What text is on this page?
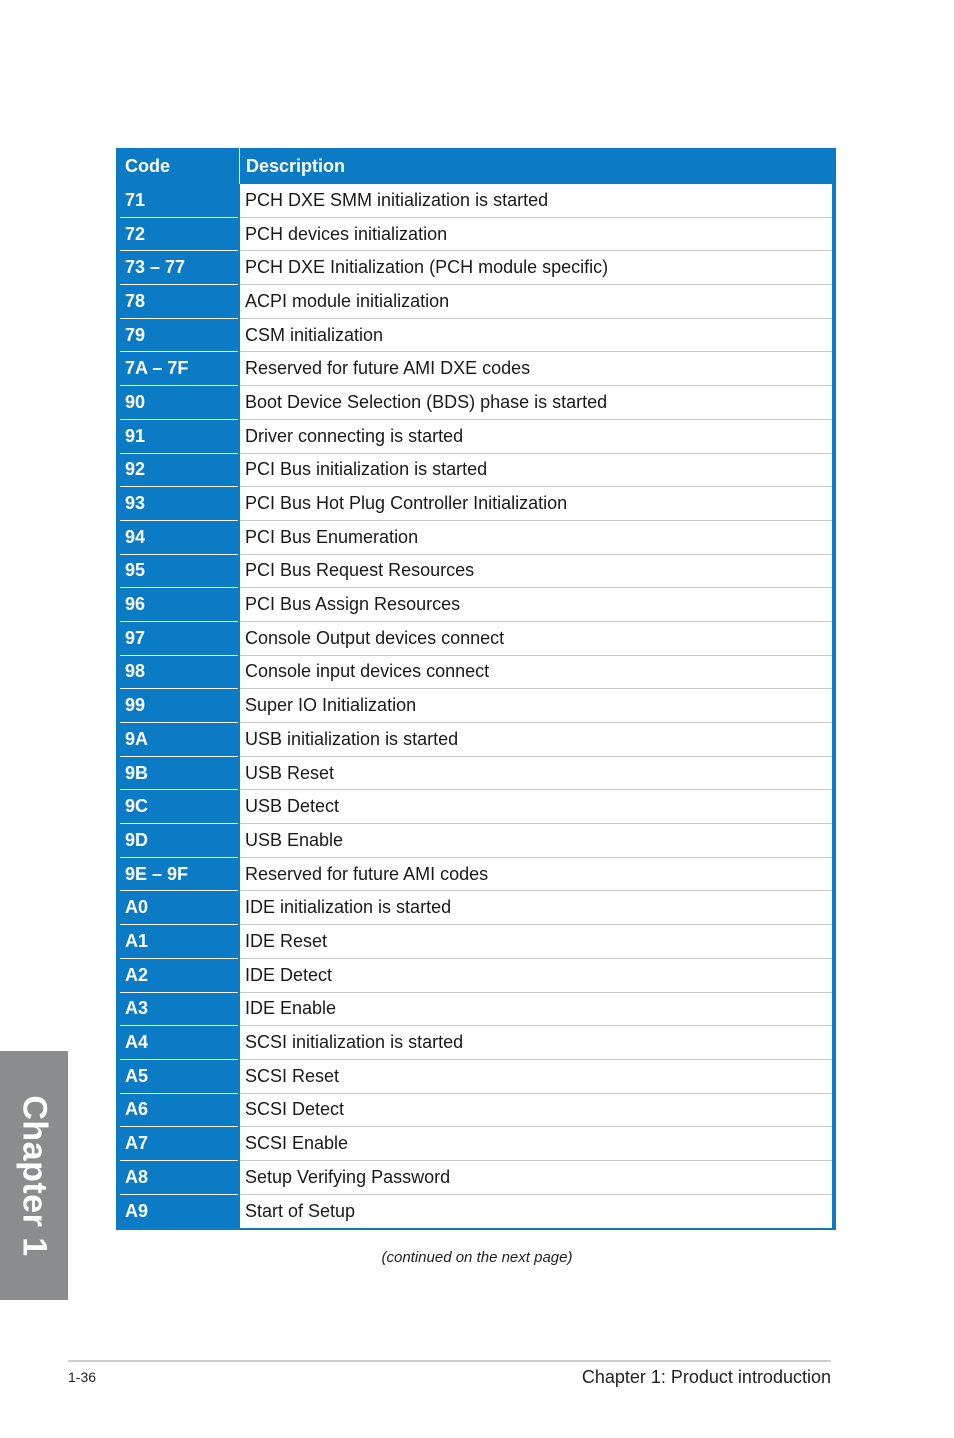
Code	Description
71	PCH DXE SMM initialization is started
72	PCH devices initialization
73 – 77	PCH DXE Initialization (PCH module specific)
78	ACPI module initialization
79	CSM initialization
7A – 7F	Reserved for future AMI DXE codes
90	Boot Device Selection (BDS) phase is started
91	Driver connecting is started
92	PCI Bus initialization is started
93	PCI Bus Hot Plug Controller Initialization
94	PCI Bus Enumeration
95	PCI Bus Request Resources
96	PCI Bus Assign Resources
97	Console Output devices connect
98	Console input devices connect
99	Super IO Initialization
9A	USB initialization is started
9B	USB Reset
9C	USB Detect
9D	USB Enable
9E – 9F	Reserved for future AMI codes
A0	IDE initialization is started
A1	IDE Reset
A2	IDE Detect
A3	IDE Enable
A4	SCSI initialization is started
A5	SCSI Reset
A6	SCSI Detect
A7	SCSI Enable
A8	Setup Verifying Password
A9	Start of Setup
(continued on the next page)
Chapter 1
1-36	Chapter 1: Product introduction
